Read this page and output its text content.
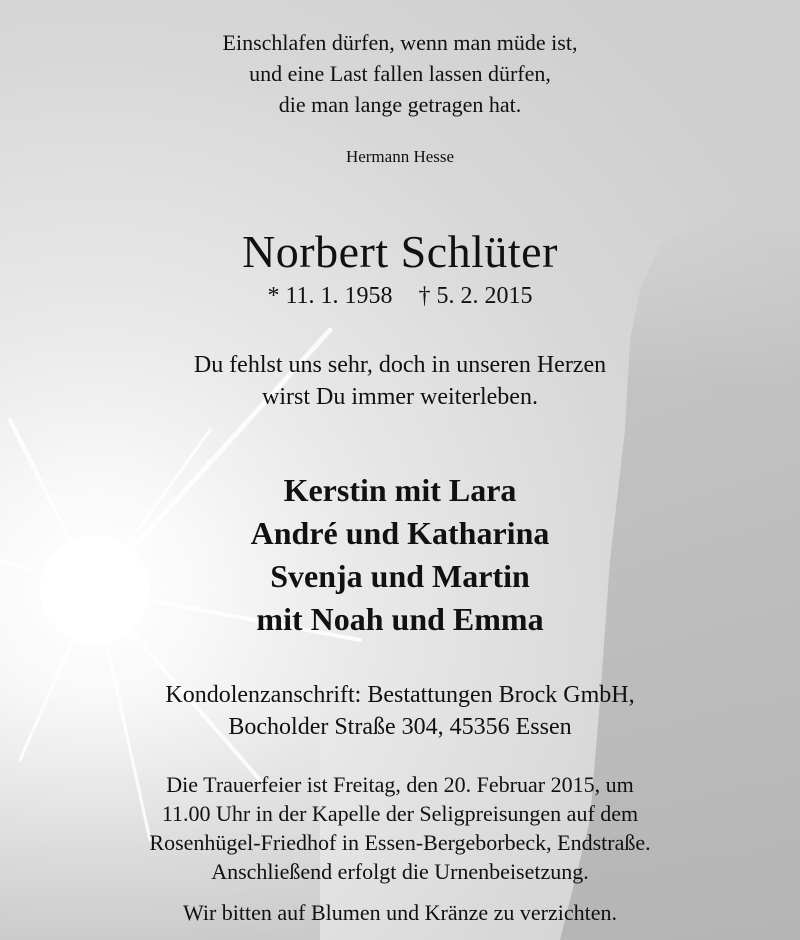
Einschlafen dürfen, wenn man müde ist,
und eine Last fallen lassen dürfen,
die man lange getragen hat.
Hermann Hesse
Norbert Schlüter
* 11. 1. 1958 † 5. 2. 2015
Du fehlst uns sehr, doch in unseren Herzen
wirst Du immer weiterleben.
Kerstin mit Lara
André und Katharina
Svenja und Martin
mit Noah und Emma
Kondolenzanschrift: Bestattungen Brock GmbH,
Bocholder Straße 304, 45356 Essen
Die Trauerfeier ist Freitag, den 20. Februar 2015, um
11.00 Uhr in der Kapelle der Seligpreisungen auf dem
Rosenhügel-Friedhof in Essen-Bergeborbeck, Endstraße.
Anschließend erfolgt die Urnenbeisetzung.
Wir bitten auf Blumen und Kränze zu verzichten.
